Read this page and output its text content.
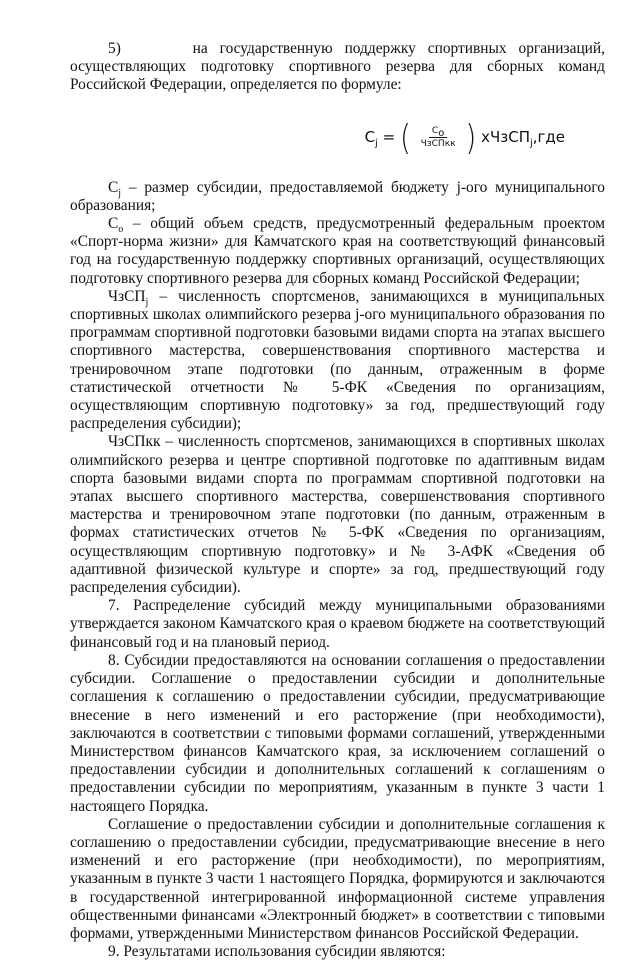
5)      на государственную поддержку спортивных организаций, осуществляющих подготовку спортивного резерва для сборных команд Российской Федерации, определяется по формуле:

$C_j$ = ( $\frac{C_o}{\text{ЧзСПкк}}$ ) xЧзСП$_j$,где

$C_j$ – размер субсидии, предоставляемой бюджету j-ого муниципального образования;

$C_o$ – общий объем средств, предусмотренный федеральным проектом «Спорт-норма жизни» для Камчатского края на соответствующий финансовый год на государственную поддержку спортивных организаций, осуществляющих подготовку спортивного резерва для сборных команд Российской Федерации;

ЧзСП$_j$ – численность спортсменов, занимающихся в муниципальных спортивных школах олимпийского резерва j-ого муниципального образования по программам спортивной подготовки базовыми видами спорта на этапах высшего спортивного мастерства, совершенствования спортивного мастерства и тренировочном этапе подготовки (по данным, отраженным в форме статистической отчетности № 5-ФК «Сведения по организациям, осуществляющим спортивную подготовку» за год, предшествующий году распределения субсидии);

ЧзСПкк – численность спортсменов, занимающихся в спортивных школах олимпийского резерва и центре спортивной подготовке по адаптивным видам спорта базовыми видами спорта по программам спортивной подготовки на этапах высшего спортивного мастерства, совершенствования спортивного мастерства и тренировочном этапе подготовки (по данным, отраженным в формах статистических отчетов № 5-ФК «Сведения по организациям, осуществляющим спортивную подготовку» и № 3-АФК «Сведения об адаптивной физической культуре и спорте» за год, предшествующий году распределения субсидии).

7. Распределение субсидий между муниципальными образованиями утверждается законом Камчатского края о краевом бюджете на соответствующий финансовый год и на плановый период.

8. Субсидии предоставляются на основании соглашения о предоставлении субсидии. Соглашение о предоставлении субсидии и дополнительные соглашения к соглашению о предоставлении субсидии, предусматривающие внесение в него изменений и его расторжение (при необходимости), заключаются в соответствии с типовыми формами соглашений, утвержденными Министерством финансов Камчатского края, за исключением соглашений о предоставлении субсидии и дополнительных соглашений к соглашениям о предоставлении субсидии по мероприятиям, указанным в пункте 3 части 1 настоящего Порядка.

Соглашение о предоставлении субсидии и дополнительные соглашения к соглашению о предоставлении субсидии, предусматривающие внесение в него изменений и его расторжение (при необходимости), по мероприятиям, указанным в пункте 3 части 1 настоящего Порядка, формируются и заключаются в государственной интегрированной информационной системе управления общественными финансами «Электронный бюджет» в соответствии с типовыми формами, утвержденными Министерством финансов Российской Федерации.

9. Результатами использования субсидии являются:
